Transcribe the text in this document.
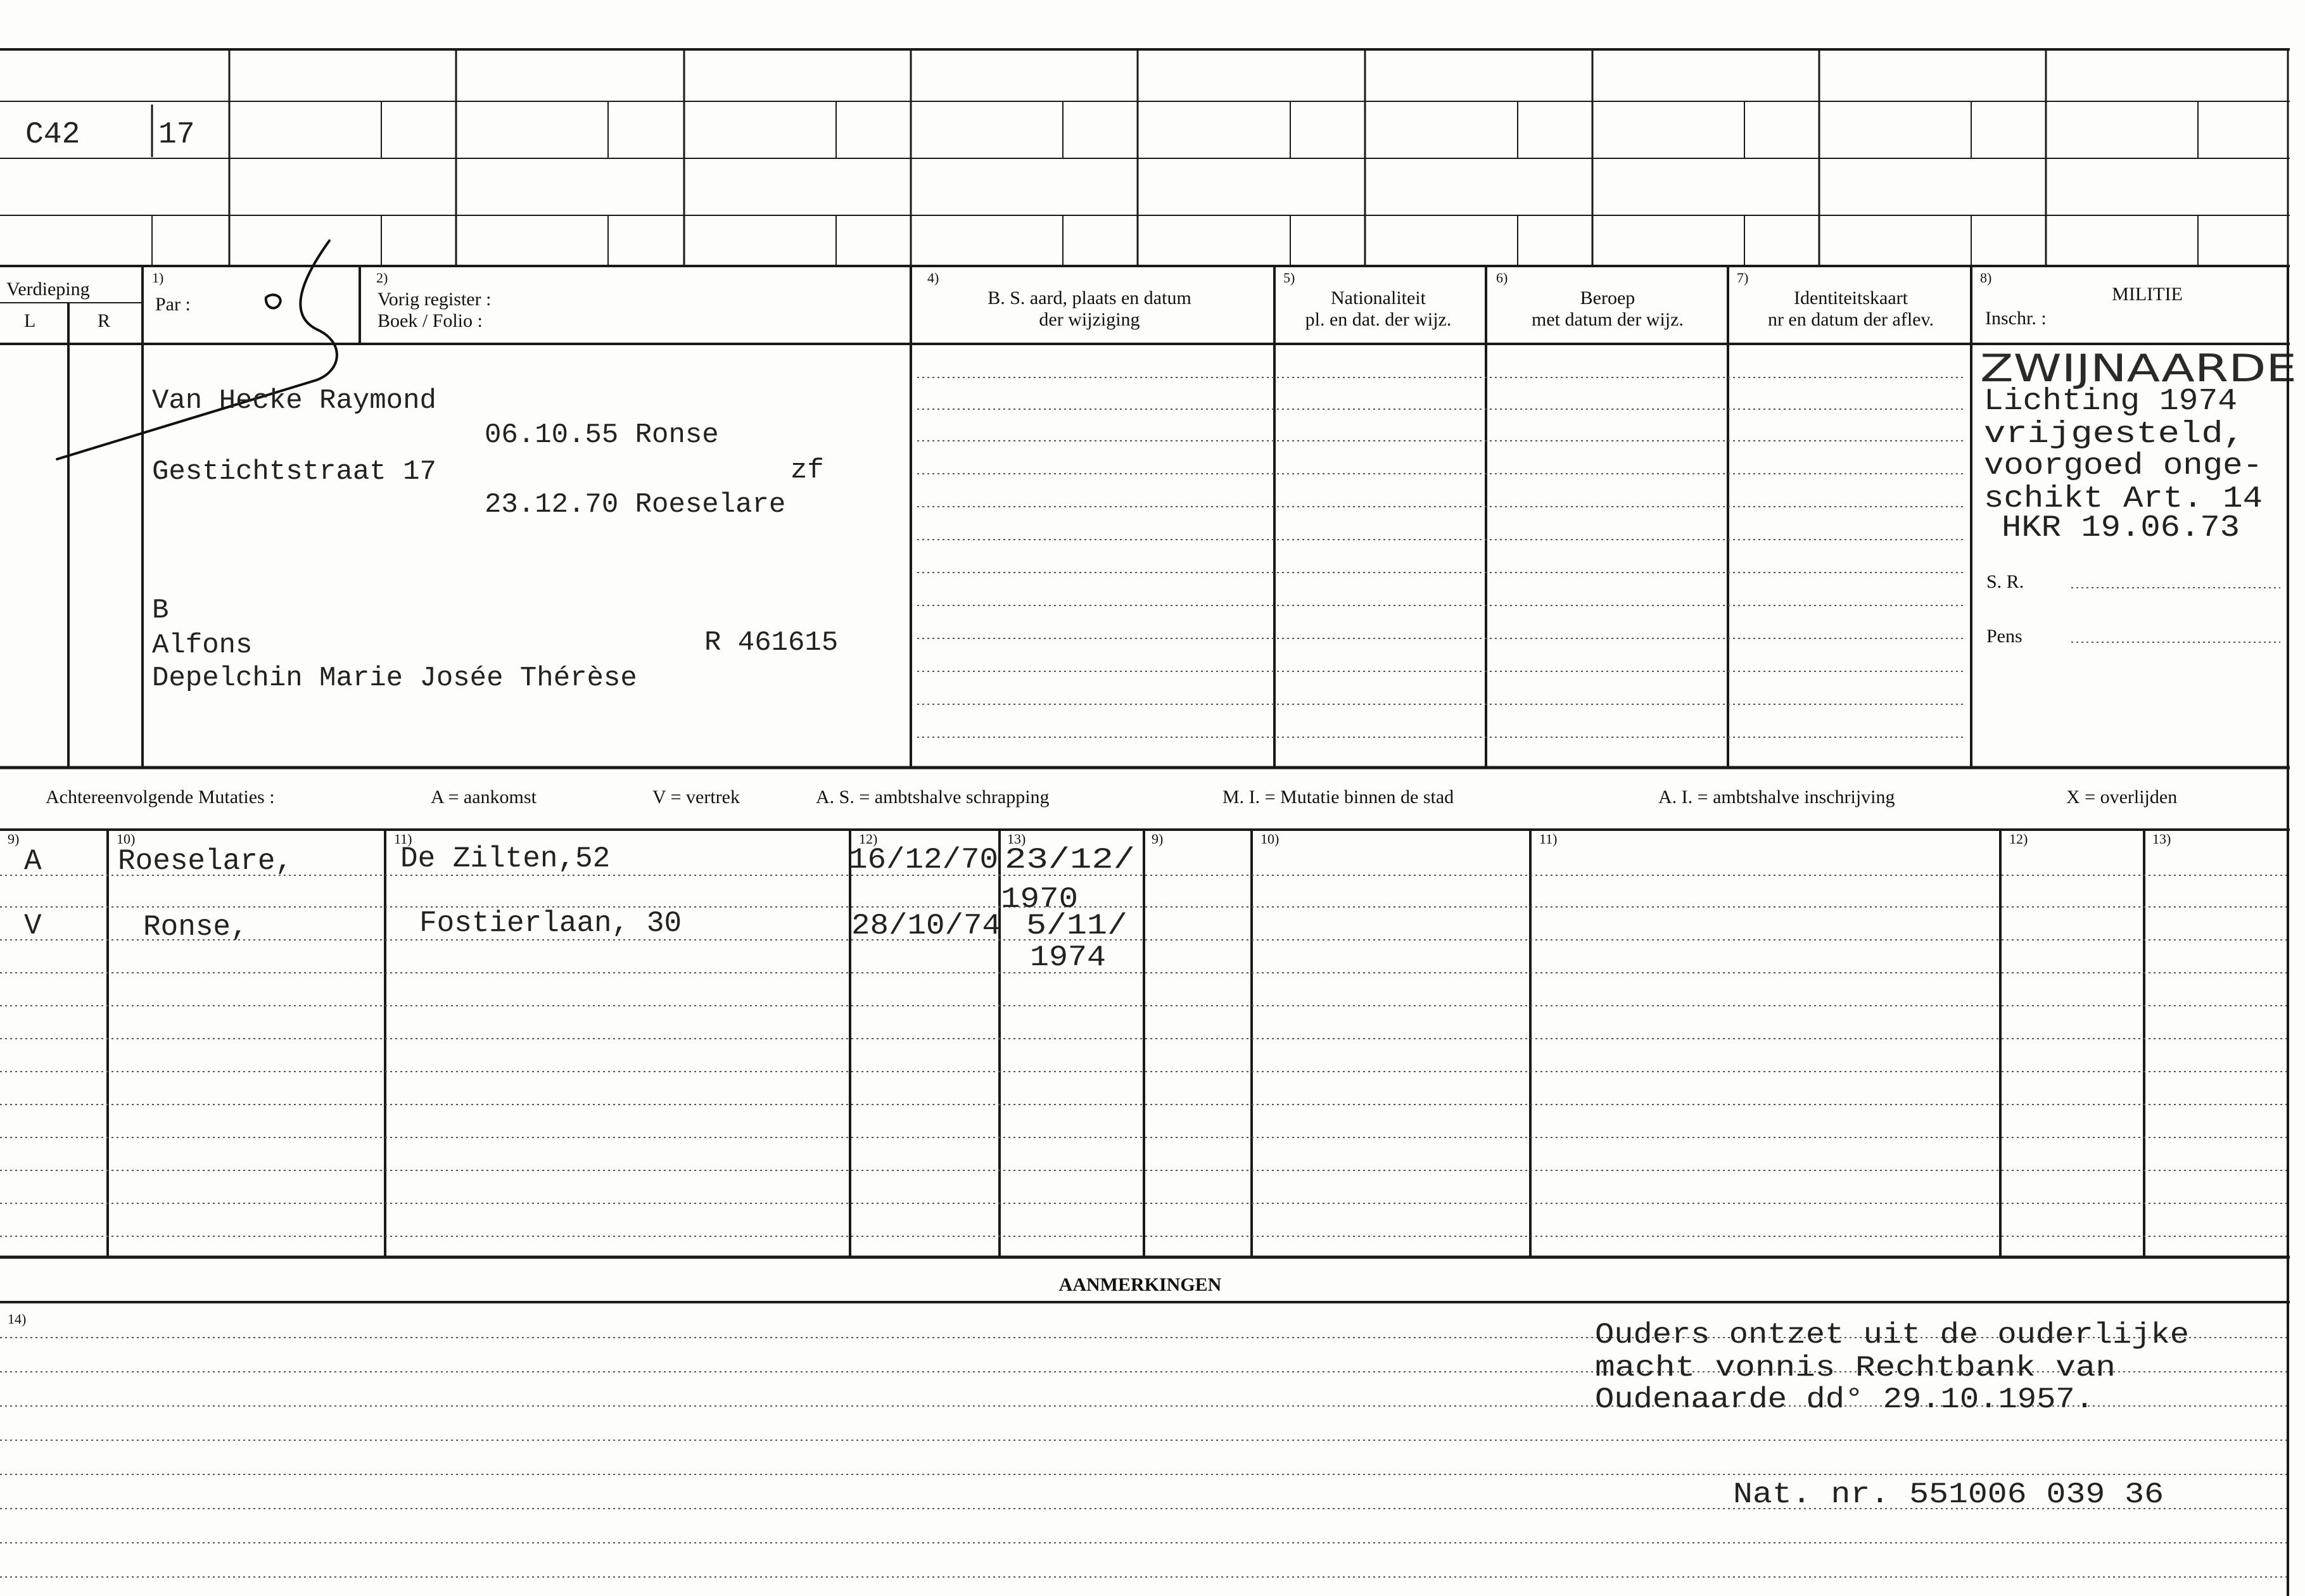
C42	17
Verdieping
L	R
1)
Par :
2)
Vorig register :
Boek / Folio :
4)
B. S. aard, plaats en datum
der wijziging
5)
Nationaliteit
pl. en dat. der wijz.
6)
Beroep
met datum der wijz.
7)
Identiteitskaart
nr en datum der aflev.
8)
MILITIE
Inschr. :
Van Hecke Raymond
06.10.55 Ronse
Gestichtstraat 17	zf
23.12.70 Roeselare
B
Alfons	R 461615
Depelchin Marie Josée Thérèse
ZWIJNAARDE
Lichting 1974
vrijgesteld,
voorgoed onge-
schikt Art. 14
HKR 19.06.73
S. R.
Pens
Achtereenvolgende Mutaties :	A = aankomst	V = vertrek	A. S. = ambtshalve schrapping	M. I. = Mutatie binnen de stad	A. I. = ambtshalve inschrijving	X = overlijden
9)	10)	11)	12)	13)	9)	10)	11)	12)	13)
A	Roeselare,	De Zilten,52	16/12/70 23/12/
1970
V	Ronse,	Fostierlaan, 30	28/10/74 5/11/
1974
AANMERKINGEN
14)	Ouders ontzet uit de ouderlijke
macht vonnis Rechtbank van
Oudenaarde dd° 29.10.1957.
Nat. nr. 551006 039 36
